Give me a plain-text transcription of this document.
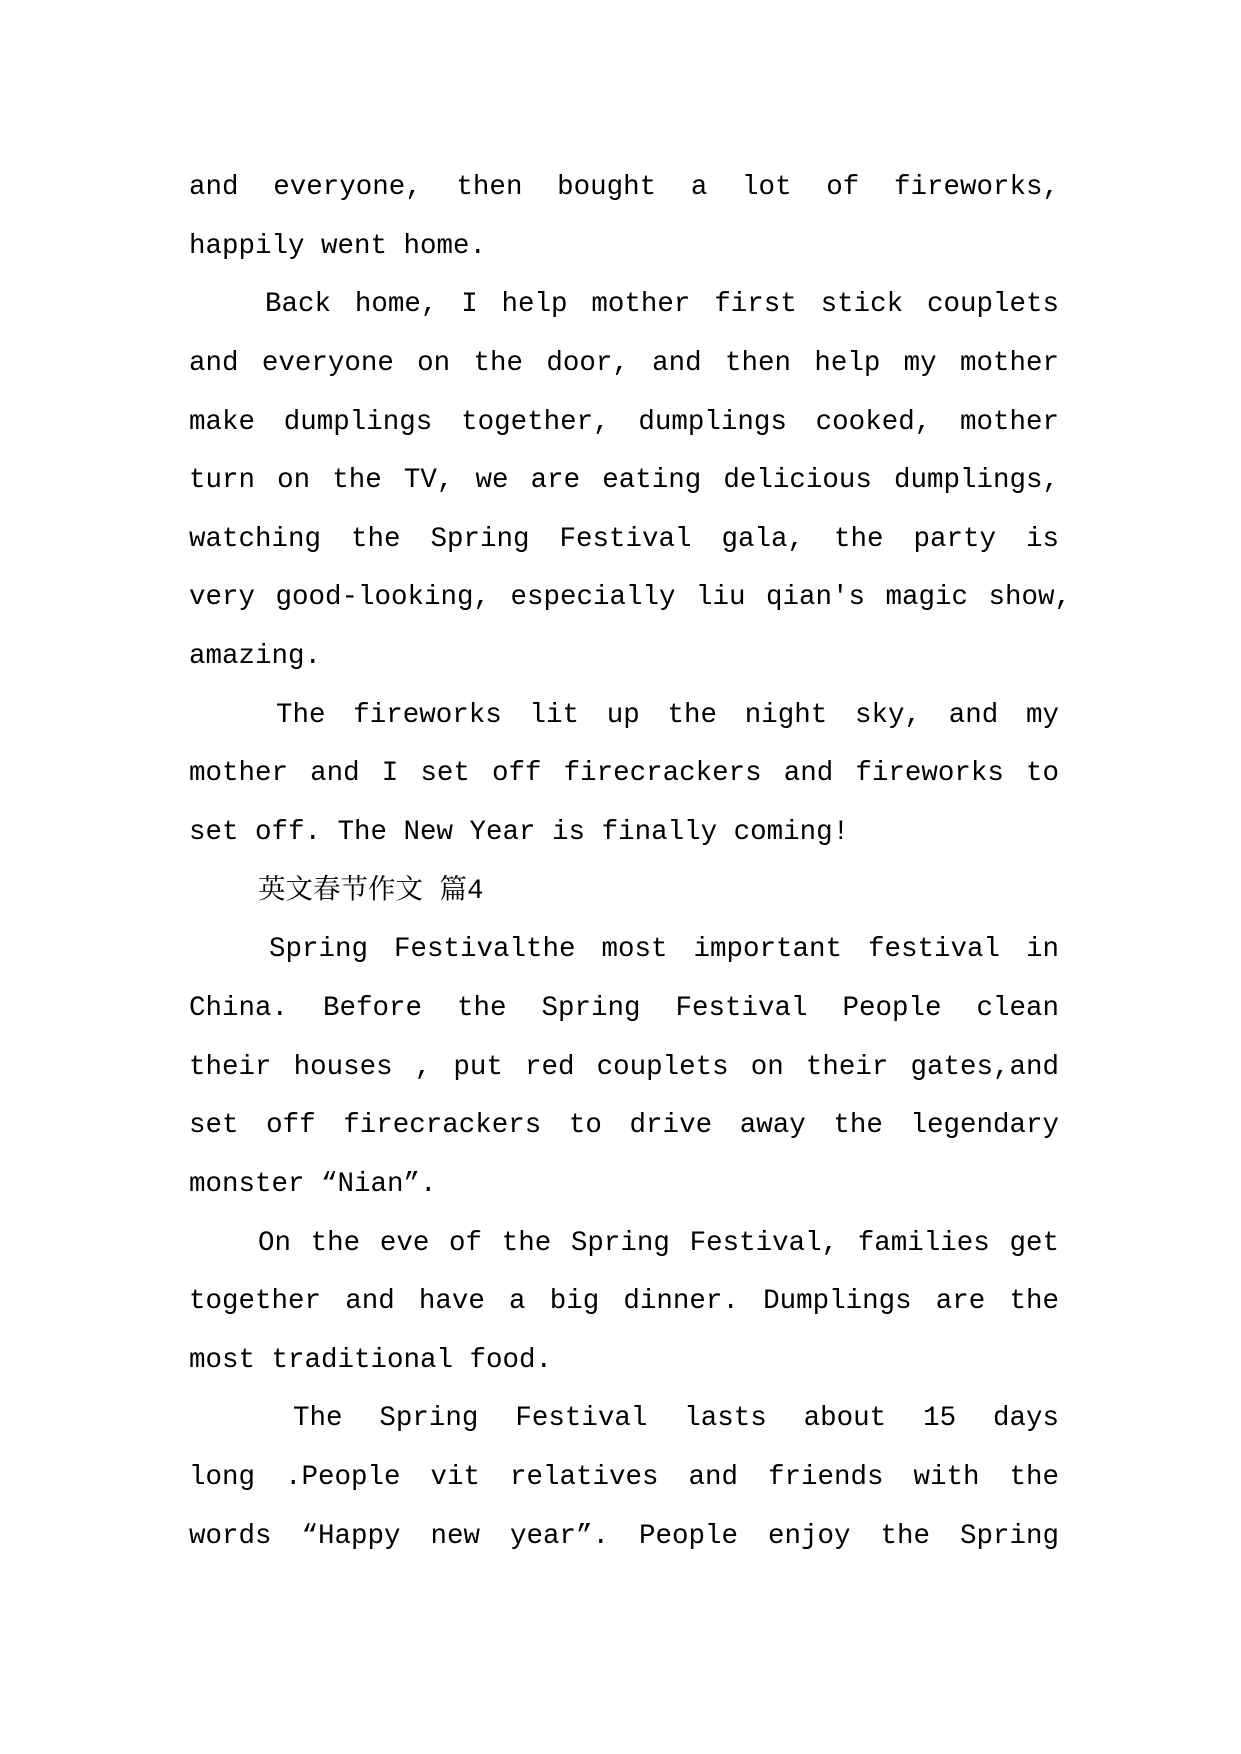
and everyone, then bought a lot of fireworks,
happily went home.
Back home, I help mother first stick couplets
and everyone on the door, and then help my mother
make dumplings together, dumplings cooked, mother
turn on the TV, we are eating delicious dumplings,
watching the Spring Festival gala, the party is
very good-looking, especially liu qian's magic show,
amazing.
The fireworks lit up the night sky, and my
mother and I set off firecrackers and fireworks to
set off. The New Year is finally coming!
英文春节作文 篇4
Spring Festivalthe most important festival in
China. Before the Spring Festival People clean
their houses , put red couplets on their gates,and
set off firecrackers to drive away the legendary
monster “Nian”.
On the eve of the Spring Festival, families get
together and have a big dinner. Dumplings are the
most traditional food.
The Spring Festival lasts about 15 days
long .People vit relatives and friends with the
words “Happy new year”. People enjoy the Spring
